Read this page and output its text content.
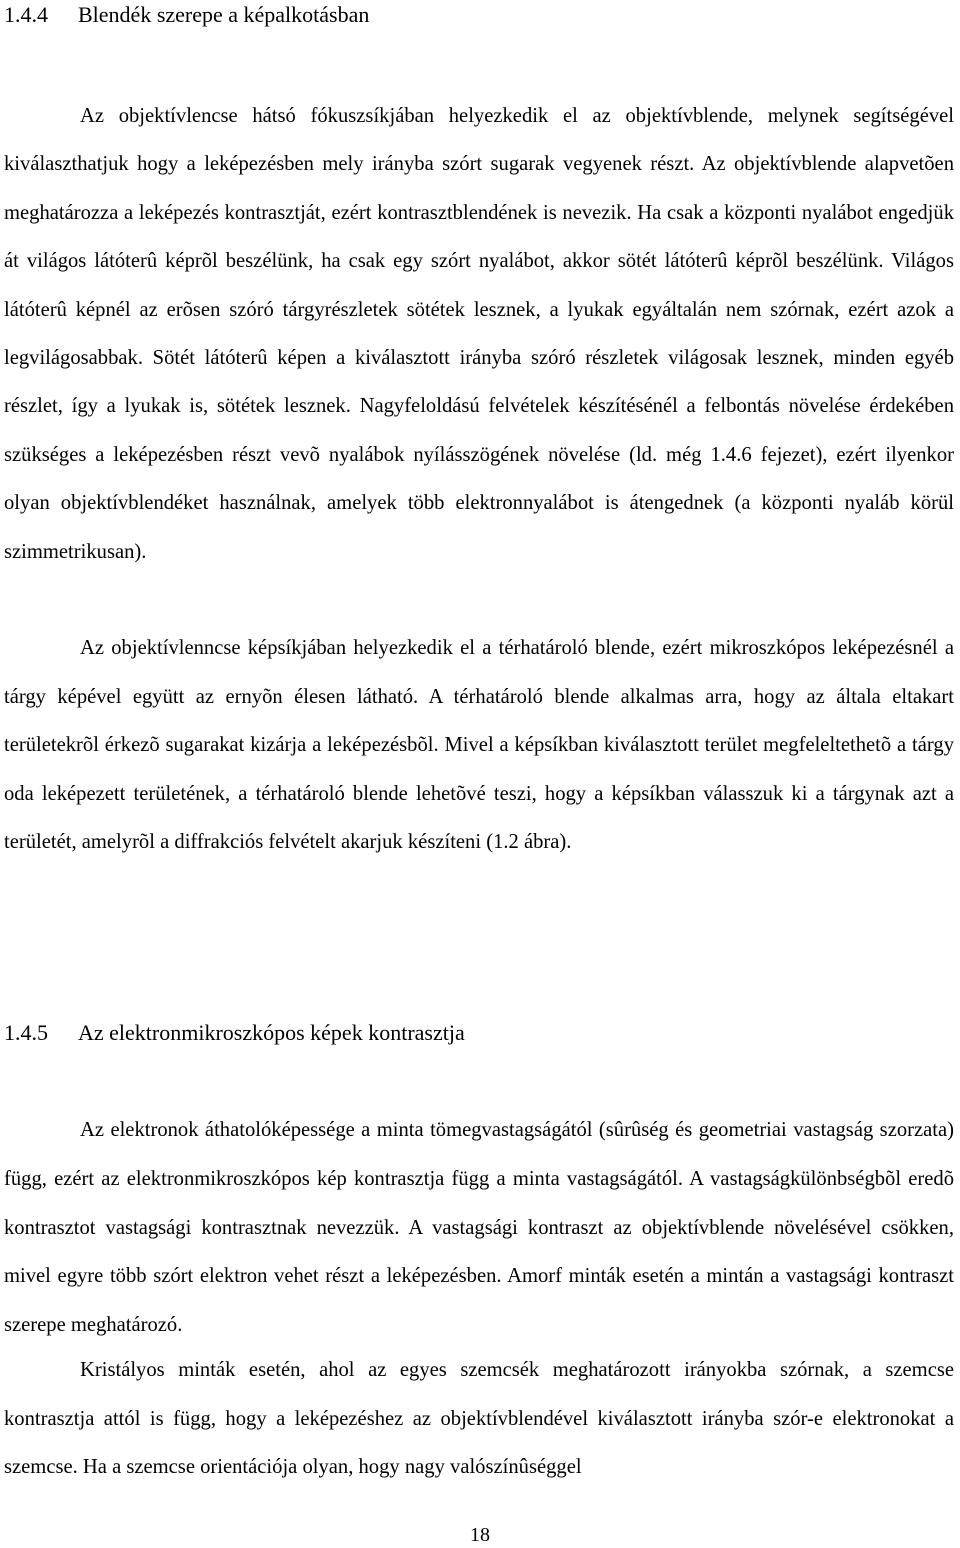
1.4.4 Blendék szerepe a képalkotásban

Az objektívlencse hátsó fókuszsíkjában helyezkedik el az objektívblende, melynek segítségével kiválaszthatjuk hogy a leképezésben mely irányba szórt sugarak vegyenek részt. Az objektívblende alapvetõen meghatározza a leképezés kontrasztját, ezért kontrasztblendének is nevezik. Ha csak a központi nyalábot engedjük át világos látóterû képrõl beszélünk, ha csak egy szórt nyalábot, akkor sötét látóterû képrõl beszélünk. Világos látóterû képnél az erõsen szóró tárgyrészletek sötétek lesznek, a lyukak egyáltalán nem szórnak, ezért azok a legvilágosabbak. Sötét látóterû képen a kiválasztott irányba szóró részletek világosak lesznek, minden egyéb részlet, így a lyukak is, sötétek lesznek. Nagyfeloldású felvételek készítésénél a felbontás növelése érdekében szükséges a leképezésben részt vevõ nyalábok nyílásszögének növelése (ld. még 1.4.6 fejezet), ezért ilyenkor olyan objektívblendéket használnak, amelyek több elektronnyalábot is átengednek (a központi nyaláb körül szimmetrikusan).

Az objektívlenncse képsíkjában helyezkedik el a térhatároló blende, ezért mikroszkópos leképezésnél a tárgy képével együtt az ernyõn élesen látható. A térhatároló blende alkalmas arra, hogy az általa eltakart területekrõl érkezõ sugarakat kizárja a leképezésbõl. Mivel a képsíkban kiválasztott terület megfeleltethetõ a tárgy oda leképezett területének, a térhatároló blende lehetõvé teszi, hogy a képsíkban válasszuk ki a tárgynak azt a területét, amelyrõl a diffrakciós felvételt akarjuk készíteni (1.2 ábra).

1.4.5 Az elektronmikroszkópos képek kontrasztja

Az elektronok áthatolóképessége a minta tömegvastagságától (sûrûség és geometriai vastagság szorzata) függ, ezért az elektronmikroszkópos kép kontrasztja függ a minta vastagságától. A vastagságkülönbségbõl eredõ kontrasztot vastagsági kontrasztnak nevezzük. A vastagsági kontraszt az objektívblende növelésével csökken, mivel egyre több szórt elektron vehet részt a leképezésben. Amorf minták esetén a mintán a vastagsági kontraszt szerepe meghatározó.

Kristályos minták esetén, ahol az egyes szemcsék meghatározott irányokba szórnak, a szemcse kontrasztja attól is függ, hogy a leképezéshez az objektívblendével kiválasztott irányba szór-e elektronokat a szemcse. Ha a szemcse orientációja olyan, hogy nagy valószínûséggel

18
